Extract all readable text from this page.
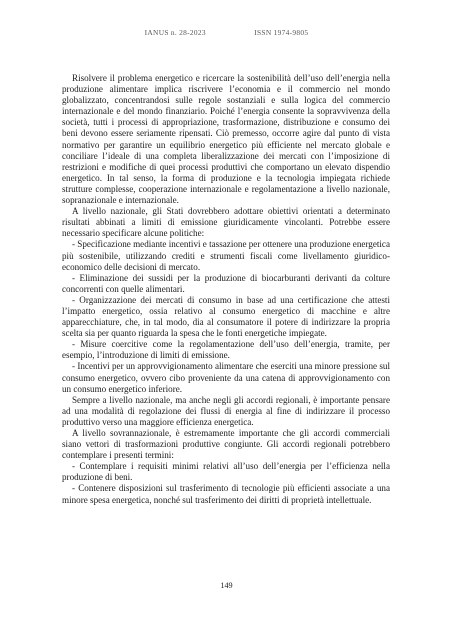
IANUS n. 28-2023	ISSN 1974-9805

Risolvere il problema energetico e ricercare la sostenibilità dell’uso dell’energia nella produzione alimentare implica riscrivere l’economia e il commercio nel mondo globalizzato, concentrandosi sulle regole sostanziali e sulla logica del commercio internazionale e del mondo finanziario. Poiché l’energia consente la sopravvivenza della società, tutti i processi di appropriazione, trasformazione, distribuzione e consumo dei beni devono essere seriamente ripensati. Ciò premesso, occorre agire dal punto di vista normativo per garantire un equilibrio energetico più efficiente nel mercato globale e conciliare l’ideale di una completa liberalizzazione dei mercati con l’imposizione di restrizioni e modifiche di quei processi produttivi che comportano un elevato dispendio energetico. In tal senso, la forma di produzione e la tecnologia impiegata richiede strutture complesse, cooperazione internazionale e regolamentazione a livello nazionale, sopranazionale e internazionale.

A livello nazionale, gli Stati dovrebbero adottare obiettivi orientati a determinato risultati abbinati a limiti di emissione giuridicamente vincolanti. Potrebbe essere necessario specificare alcune politiche:

- Specificazione mediante incentivi e tassazione per ottenere una produzione energetica più sostenibile, utilizzando crediti e strumenti fiscali come livellamento giuridico-economico delle decisioni di mercato.

- Eliminazione dei sussidi per la produzione di biocarburanti derivanti da colture concorrenti con quelle alimentari.

- Organizzazione dei mercati di consumo in base ad una certificazione che attesti l’impatto energetico, ossia relativo al consumo energetico di macchine e altre apparecchiature, che, in tal modo, dia al consumatore il potere di indirizzare la propria scelta sia per quanto riguarda la spesa che le fonti energetiche impiegate.

- Misure coercitive come la regolamentazione dell’uso dell’energia, tramite, per esempio, l’introduzione di limiti di emissione.

- Incentivi per un approvvigionamento alimentare che eserciti una minore pressione sul consumo energetico, ovvero cibo proveniente da una catena di approvvigionamento con un consumo energetico inferiore.

Sempre a livello nazionale, ma anche negli gli accordi regionali, è importante pensare ad una modalità di regolazione dei flussi di energia al fine di indirizzare il processo produttivo verso una maggiore efficienza energetica.

A livello sovrannazionale, è estremamente importante che gli accordi commerciali siano vettori di trasformazioni produttive congiunte. Gli accordi regionali potrebbero contemplare i presenti termini:

- Contemplare i requisiti minimi relativi all’uso dell’energia per l’efficienza nella produzione di beni.

- Contenere disposizioni sul trasferimento di tecnologie più efficienti associate a una minore spesa energetica, nonché sul trasferimento dei diritti di proprietà intellettuale.

149
